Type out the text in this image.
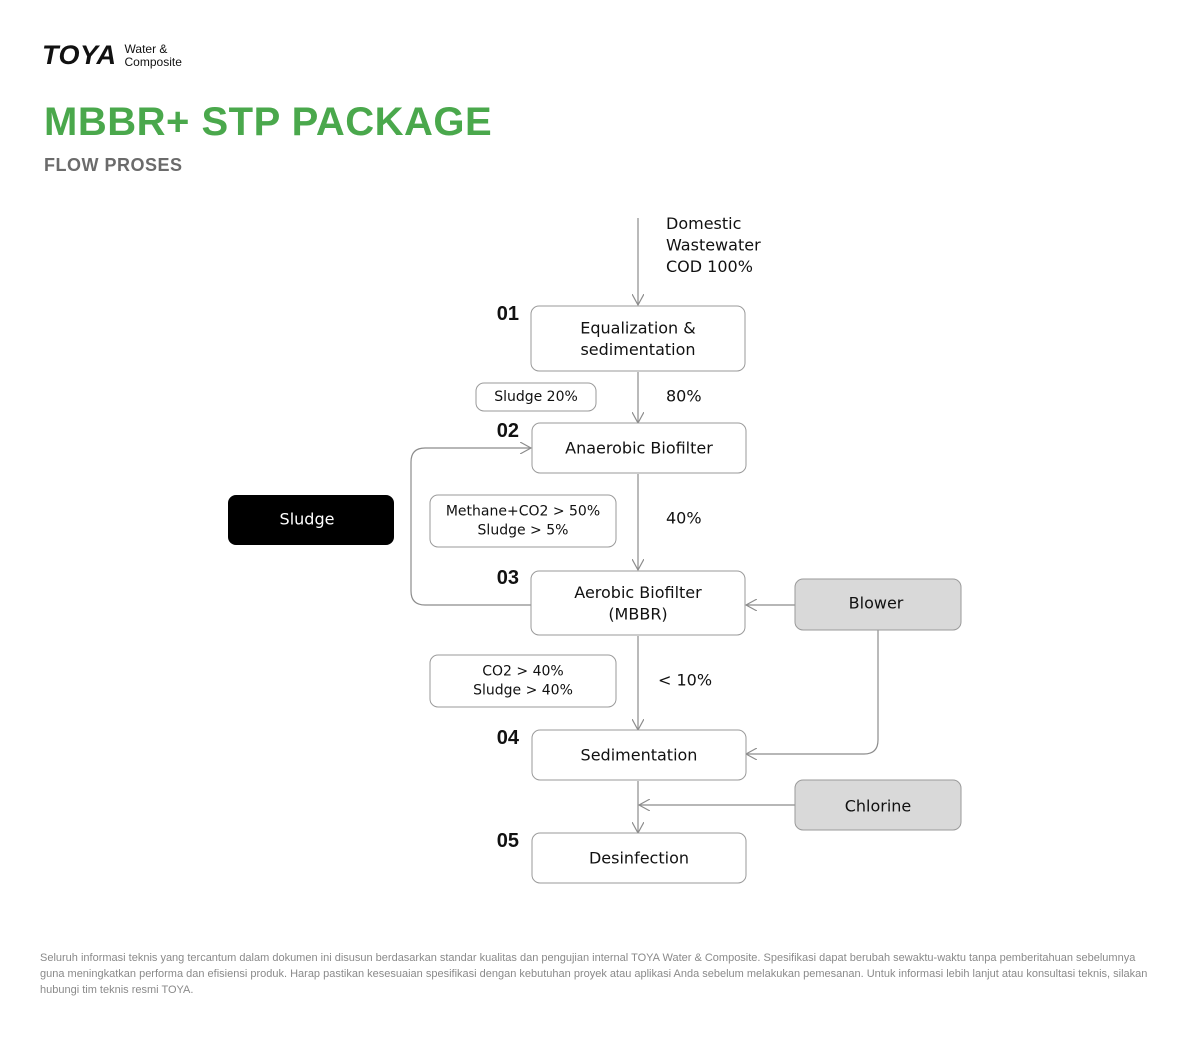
TOYA Water &
Composite
MBBR+ STP PACKAGE
FLOW PROSES
Domestic
Wastewater
COD 100%
Equalization &
sedimentation
01
Anaerobic Biofilter
02
Aerobic Biofilter
(MBBR)
03
Sedimentation
04
Desinfection
05
80%
40%
< 10%
Sludge 20%
Methane+CO2 > 50%
Sludge > 5%
CO2 > 40%
Sludge > 40%
Sludge
Blower
Chlorine

Seluruh informasi teknis yang tercantum dalam dokumen ini disusun berdasarkan standar kualitas dan pengujian internal TOYA Water & Composite. Spesifikasi dapat berubah sewaktu-waktu tanpa pemberitahuan sebelumnya guna meningkatkan performa dan efisiensi produk. Harap pastikan kesesuaian spesifikasi dengan kebutuhan proyek atau aplikasi Anda sebelum melakukan pemesanan. Untuk informasi lebih lanjut atau konsultasi teknis, silakan hubungi tim teknis resmi TOYA.
